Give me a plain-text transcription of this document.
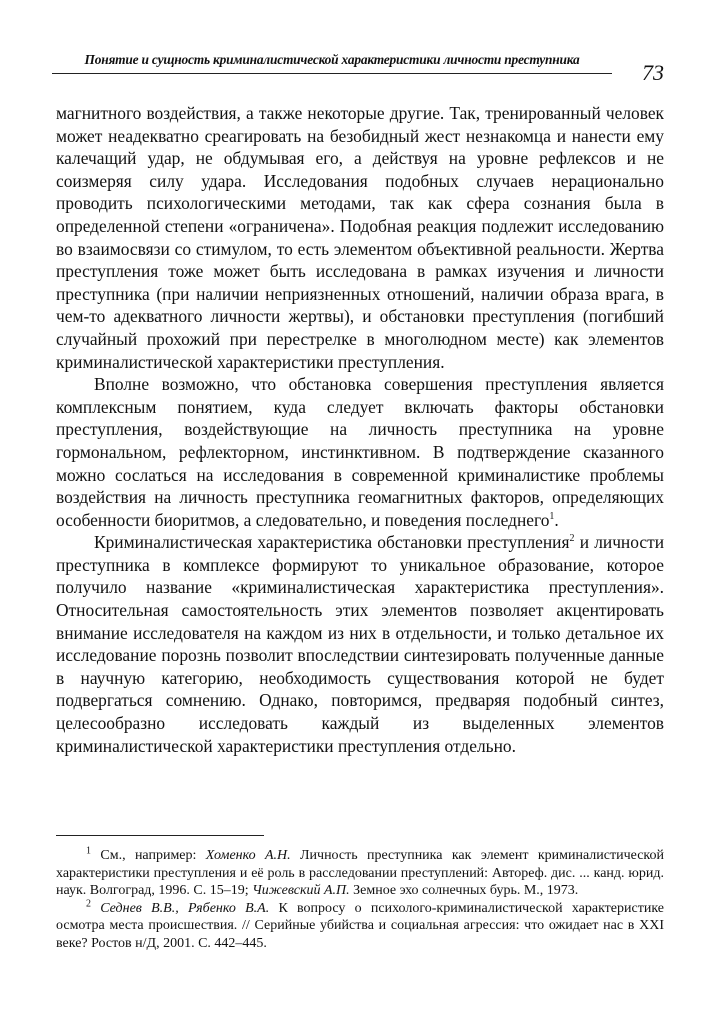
Понятие и сущность криминалистической характеристики личности преступника
73

магнитного воздействия, а также некоторые другие. Так, тренированный человек может неадекватно среагировать на безобидный жест незнакомца и нанести ему калечащий удар, не обдумывая его, а действуя на уровне рефлексов и не соизмеряя силу удара. Исследования подобных случаев нерационально проводить психологическими методами, так как сфера сознания была в определенной степени «ограничена». Подобная реакция подлежит исследованию во взаимосвязи со стимулом, то есть элементом объективной реальности. Жертва преступления тоже может быть исследована в рамках изучения и личности преступника (при наличии неприязненных отношений, наличии образа врага, в чем-то адекватного личности жертвы), и обстановки преступления (погибший случайный прохожий при перестрелке в многолюдном месте) как элементов криминалистической характеристики преступления.

Вполне возможно, что обстановка совершения преступления является комплексным понятием, куда следует включать факторы обстановки преступления, воздействующие на личность преступника на уровне гормональном, рефлекторном, инстинктивном. В подтверждение сказанного можно сослаться на исследования в современной криминалистике проблемы воздействия на личность преступника геомагнитных факторов, определяющих особенности биоритмов, а следовательно, и поведения последнего$^1$.

Криминалистическая характеристика обстановки преступления$^2$ и личности преступника в комплексе формируют то уникальное образование, которое получило название «криминалистическая характеристика преступления». Относительная самостоятельность этих элементов позволяет акцентировать внимание исследователя на каждом из них в отдельности, и только детальное их исследование порознь позволит впоследствии синтезировать полученные данные в научную категорию, необходимость существования которой не будет подвергаться сомнению. Однако, повторимся, предваряя подобный синтез, целесообразно исследовать каждый из выделенных элементов криминалистической характеристики преступления отдельно.

$^1$ См., например: Хоменко А.Н. Личность преступника как элемент криминалистической характеристики преступления и её роль в расследовании преступлений: Автореф. дис. ... канд. юрид. наук. Волгоград, 1996. С. 15–19; Чижевский А.П. Земное эхо солнечных бурь. М., 1973.

$^2$ Седнев В.В., Рябенко В.А. К вопросу о психолого-криминалистической характеристике осмотра места происшествия. // Серийные убийства и социальная агрессия: что ожидает нас в XXI веке? Ростов н/Д, 2001. С. 442–445.
